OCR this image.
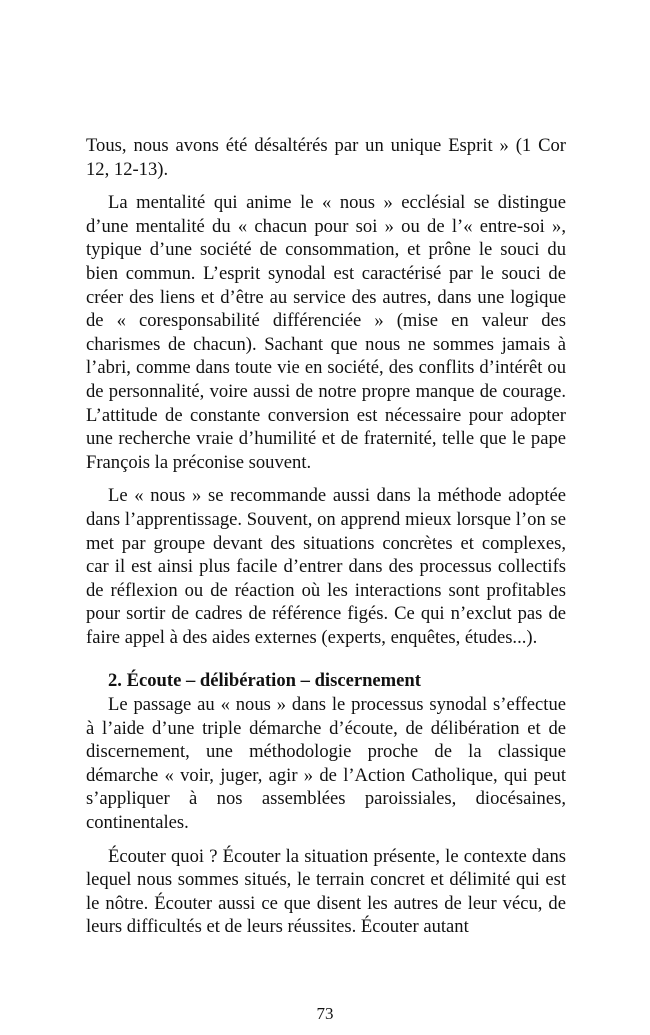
Tous, nous avons été désaltérés par un unique Esprit » (1 Cor 12, 12-13).

La mentalité qui anime le « nous » ecclésial se distingue d’une mentalité du « chacun pour soi » ou de l’« entre-soi », typique d’une société de consommation, et prône le souci du bien commun. L’esprit synodal est caractérisé par le souci de créer des liens et d’être au service des autres, dans une logique de « coresponsabilité différenciée » (mise en valeur des charismes de chacun). Sachant que nous ne sommes jamais à l’abri, comme dans toute vie en société, des conflits d’intérêt ou de personnalité, voire aussi de notre propre manque de courage. L’attitude de constante conversion est nécessaire pour adopter une recherche vraie d’humilité et de fraternité, telle que le pape François la préconise souvent.

Le « nous » se recommande aussi dans la méthode adoptée dans l’apprentissage. Souvent, on apprend mieux lorsque l’on se met par groupe devant des situations concrètes et complexes, car il est ainsi plus facile d’entrer dans des processus collectifs de réflexion ou de réaction où les interactions sont profitables pour sortir de cadres de référence figés. Ce qui n’exclut pas de faire appel à des aides externes (experts, enquêtes, études...).

2. Écoute – délibération – discernement

Le passage au « nous » dans le processus synodal s’effectue à l’aide d’une triple démarche d’écoute, de délibération et de discernement, une méthodologie proche de la classique démarche « voir, juger, agir » de l’Action Catholique, qui peut s’appliquer à nos assemblées paroissiales, diocésaines, continentales.

Écouter quoi ? Écouter la situation présente, le contexte dans lequel nous sommes situés, le terrain concret et délimité qui est le nôtre. Écouter aussi ce que disent les autres de leur vécu, de leurs difficultés et de leurs réussites. Écouter autant

73
